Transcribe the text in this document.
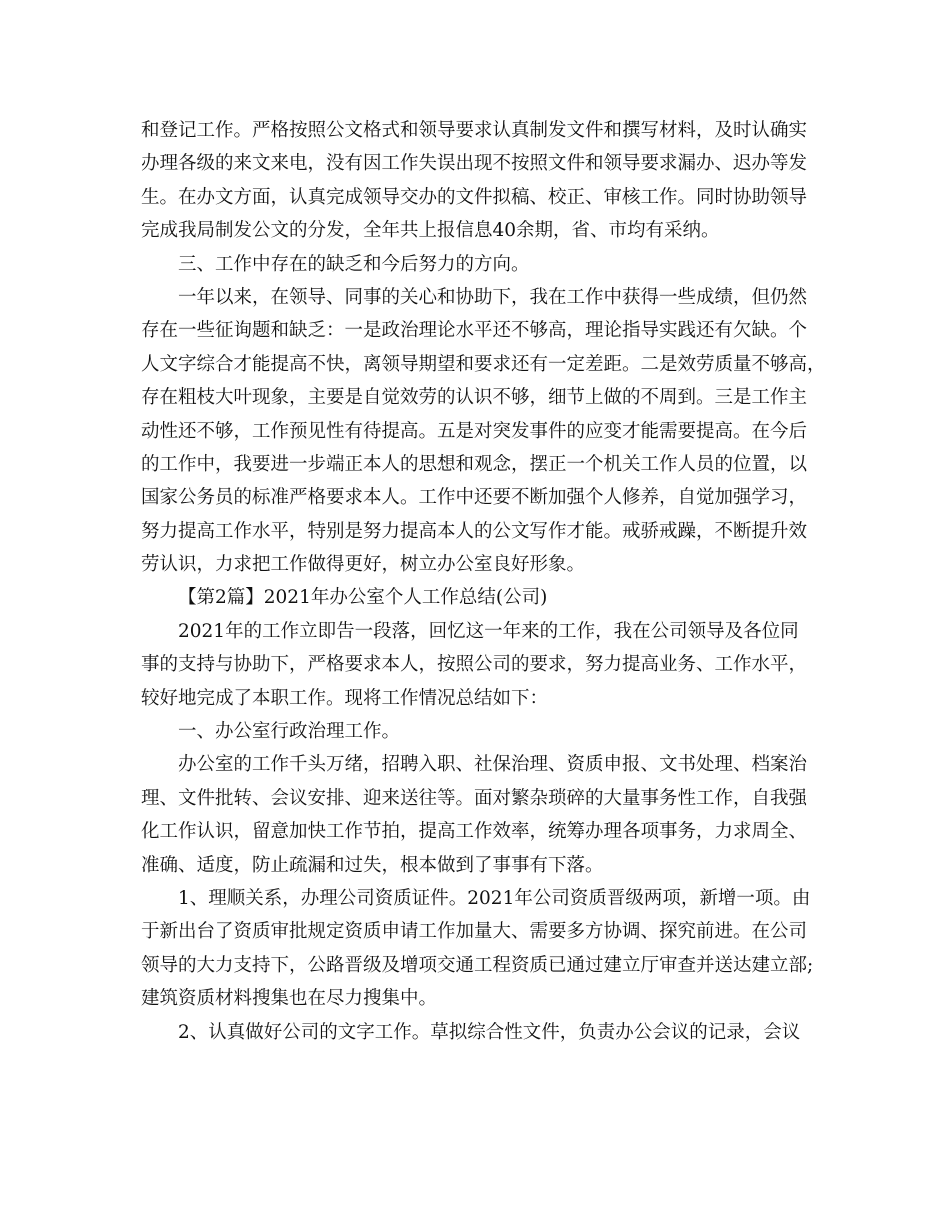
和登记工作。严格按照公文格式和领导要求认真制发文件和撰写材料，及时认确实
办理各级的来文来电，没有因工作失误出现不按照文件和领导要求漏办、迟办等发
生。在办文方面，认真完成领导交办的文件拟稿、校正、审核工作。同时协助领导
完成我局制发公文的分发，全年共上报信息40余期，省、市均有采纳。
三、工作中存在的缺乏和今后努力的方向。
一年以来，在领导、同事的关心和协助下，我在工作中获得一些成绩，但仍然
存在一些征询题和缺乏：一是政治理论水平还不够高，理论指导实践还有欠缺。个
人文字综合才能提高不快，离领导期望和要求还有一定差距。二是效劳质量不够高，
存在粗枝大叶现象，主要是自觉效劳的认识不够，细节上做的不周到。三是工作主
动性还不够，工作预见性有待提高。五是对突发事件的应变才能需要提高。在今后
的工作中，我要进一步端正本人的思想和观念，摆正一个机关工作人员的位置，以
国家公务员的标准严格要求本人。工作中还要不断加强个人修养，自觉加强学习，
努力提高工作水平，特别是努力提高本人的公文写作才能。戒骄戒躁，不断提升效
劳认识，力求把工作做得更好，树立办公室良好形象。
【第2篇】2021年办公室个人工作总结(公司)
2021年的工作立即告一段落，回忆这一年来的工作，我在公司领导及各位同
事的支持与协助下，严格要求本人，按照公司的要求，努力提高业务、工作水平，
较好地完成了本职工作。现将工作情况总结如下：
一、办公室行政治理工作。
办公室的工作千头万绪，招聘入职、社保治理、资质申报、文书处理、档案治
理、文件批转、会议安排、迎来送往等。面对繁杂琐碎的大量事务性工作，自我强
化工作认识，留意加快工作节拍，提高工作效率，统筹办理各项事务，力求周全、
准确、适度，防止疏漏和过失，根本做到了事事有下落。
1、理顺关系，办理公司资质证件。2021年公司资质晋级两项，新增一项。由
于新出台了资质审批规定资质申请工作加量大、需要多方协调、探究前进。在公司
领导的大力支持下，公路晋级及增项交通工程资质已通过建立厅审查并送达建立部;
建筑资质材料搜集也在尽力搜集中。
2、认真做好公司的文字工作。草拟综合性文件，负责办公会议的记录，会议
